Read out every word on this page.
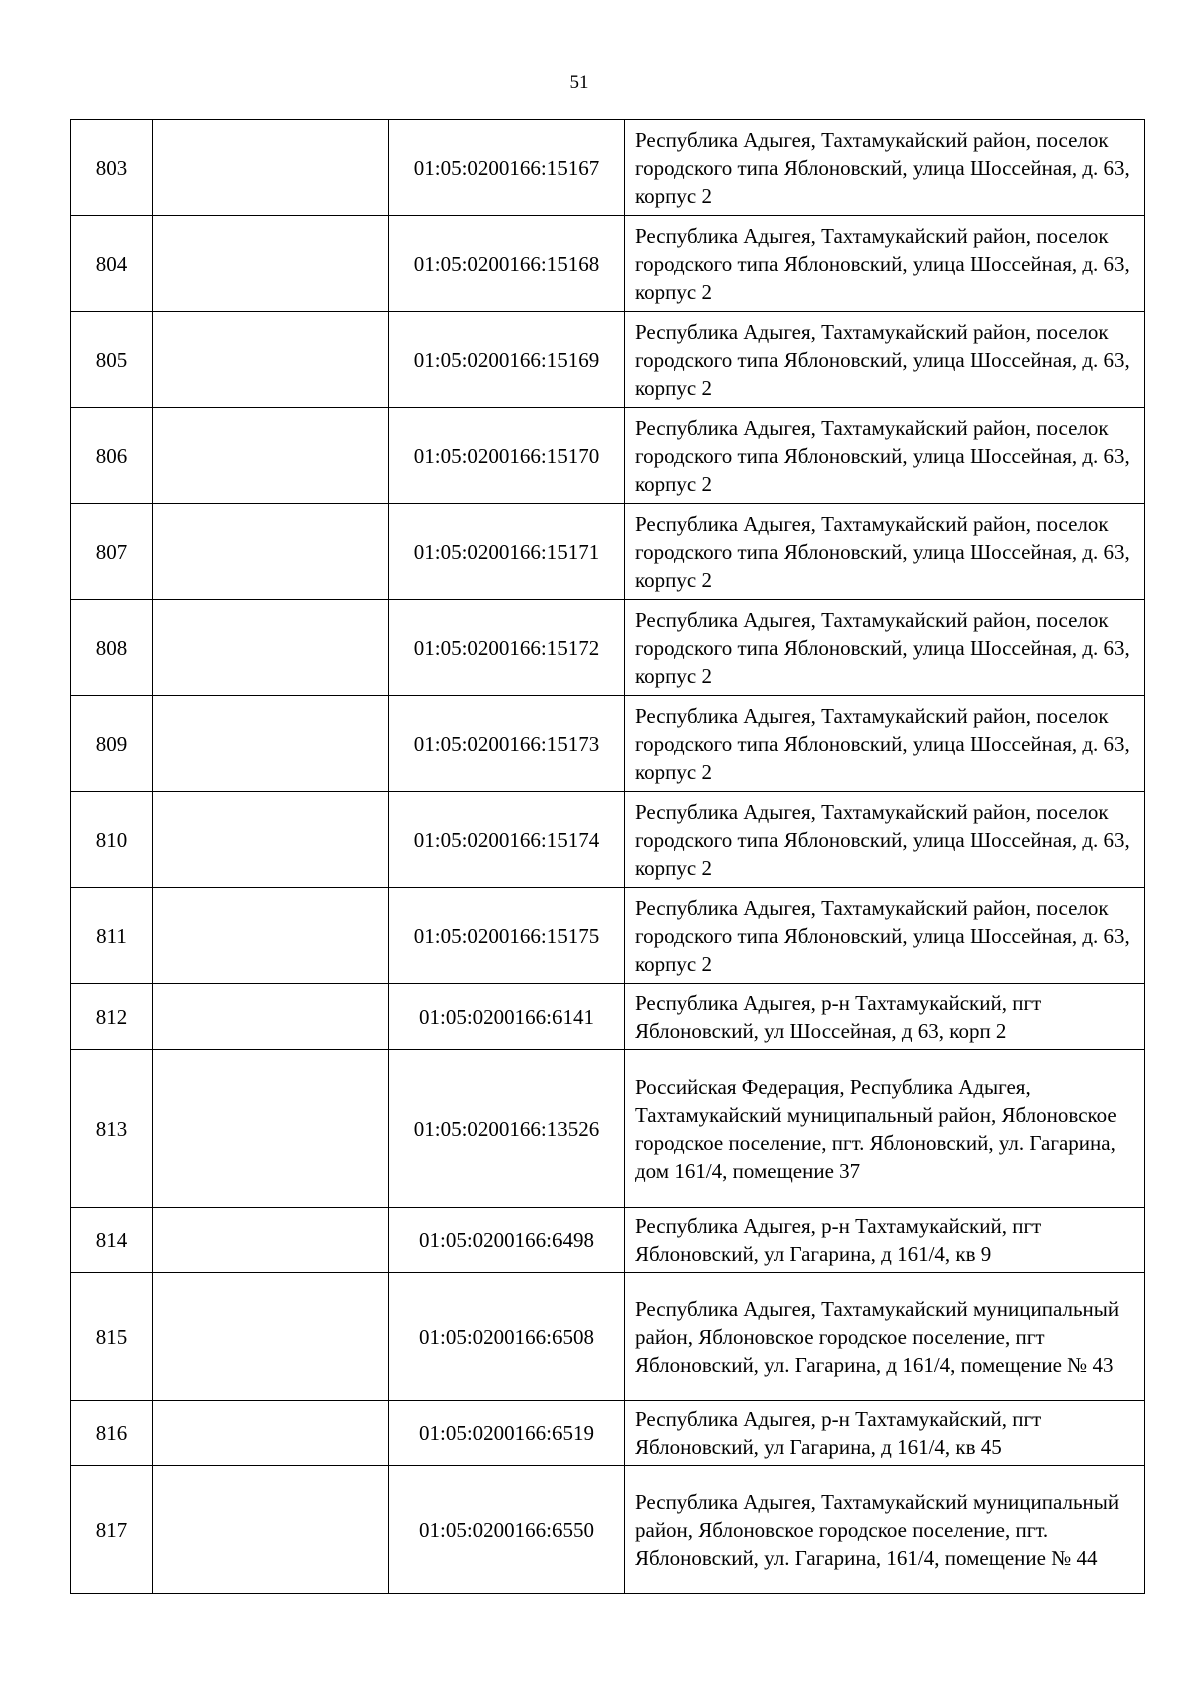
51
803		01:05:0200166:15167	Республика Адыгея, Тахтамукайский район, поселок городского типа Яблоновский, улица Шоссейная, д. 63, корпус 2
804		01:05:0200166:15168	Республика Адыгея, Тахтамукайский район, поселок городского типа Яблоновский, улица Шоссейная, д. 63, корпус 2
805		01:05:0200166:15169	Республика Адыгея, Тахтамукайский район, поселок городского типа Яблоновский, улица Шоссейная, д. 63, корпус 2
806		01:05:0200166:15170	Республика Адыгея, Тахтамукайский район, поселок городского типа Яблоновский, улица Шоссейная, д. 63, корпус 2
807		01:05:0200166:15171	Республика Адыгея, Тахтамукайский район, поселок городского типа Яблоновский, улица Шоссейная, д. 63, корпус 2
808		01:05:0200166:15172	Республика Адыгея, Тахтамукайский район, поселок городского типа Яблоновский, улица Шоссейная, д. 63, корпус 2
809		01:05:0200166:15173	Республика Адыгея, Тахтамукайский район, поселок городского типа Яблоновский, улица Шоссейная, д. 63, корпус 2
810		01:05:0200166:15174	Республика Адыгея, Тахтамукайский район, поселок городского типа Яблоновский, улица Шоссейная, д. 63, корпус 2
811		01:05:0200166:15175	Республика Адыгея, Тахтамукайский район, поселок городского типа Яблоновский, улица Шоссейная, д. 63, корпус 2
812		01:05:0200166:6141	Республика Адыгея, р-н Тахтамукайский, пгт Яблоновский, ул Шоссейная, д 63, корп 2
813		01:05:0200166:13526	Российская Федерация, Республика Адыгея, Тахтамукайский муниципальный район, Яблоновское городское поселение, пгт. Яблоновский, ул. Гагарина, дом 161/4, помещение 37
814		01:05:0200166:6498	Республика Адыгея, р-н Тахтамукайский, пгт Яблоновский, ул Гагарина, д 161/4, кв 9
815		01:05:0200166:6508	Республика Адыгея, Тахтамукайский муниципальный район, Яблоновское городское поселение, пгт Яблоновский, ул. Гагарина, д 161/4, помещение № 43
816		01:05:0200166:6519	Республика Адыгея, р-н Тахтамукайский, пгт Яблоновский, ул Гагарина, д 161/4, кв 45
817		01:05:0200166:6550	Республика Адыгея, Тахтамукайский муниципальный район, Яблоновское городское поселение, пгт. Яблоновский, ул. Гагарина, 161/4, помещение № 44
